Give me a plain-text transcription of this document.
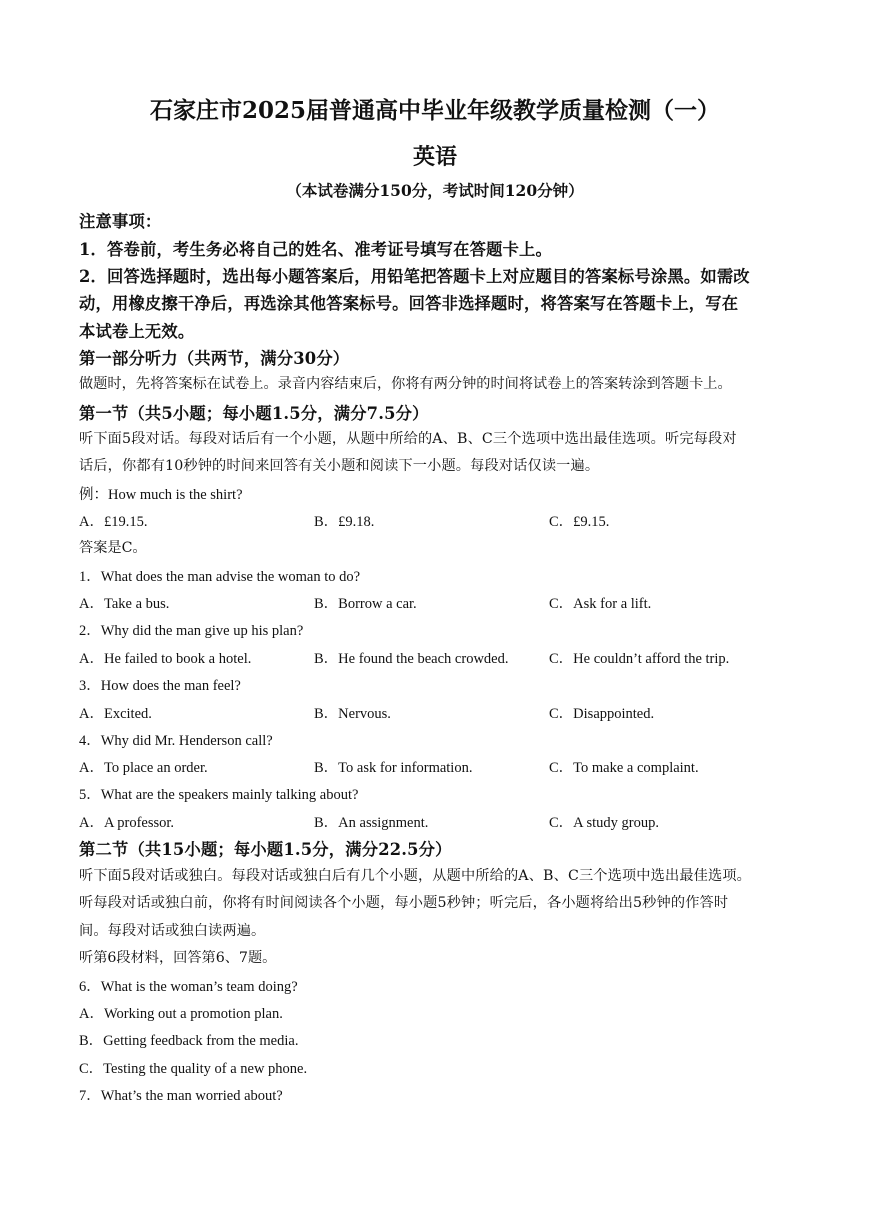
石家庄市2025届普通高中毕业年级教学质量检测（一）
英语
（本试卷满分150分，考试时间120分钟）
注意事项：
1．答卷前，考生务必将自己的姓名、准考证号填写在答题卡上。
2．回答选择题时，选出每小题答案后，用铅笔把答题卡上对应题目的答案标号涂黑。如需改
动，用橡皮擦干净后，再选涂其他答案标号。回答非选择题时，将答案写在答题卡上，写在
本试卷上无效。
第一部分听力（共两节，满分30分）
做题时，先将答案标在试卷上。录音内容结束后，你将有两分钟的时间将试卷上的答案转涂到答题卡上。
第一节（共5小题；每小题1.5分，满分7.5分）
听下面5段对话。每段对话后有一个小题，从题中所给的A、B、C三个选项中选出最佳选项。听完每段对
话后，你都有10秒钟的时间来回答有关小题和阅读下一小题。每段对话仅读一遍。
例：How much is the shirt?
A．£19.15.	B．£9.18.	C．£9.15.
答案是C。
1．What does the man advise the woman to do?
A．Take a bus.	B．Borrow a car.	C．Ask for a lift.
2．Why did the man give up his plan?
A．He failed to book a hotel.	B．He found the beach crowded.	C．He couldn’t afford the trip.
3．How does the man feel?
A．Excited.	B．Nervous.	C．Disappointed.
4．Why did Mr. Henderson call?
A．To place an order.	B．To ask for information.	C．To make a complaint.
5．What are the speakers mainly talking about?
A．A professor.	B．An assignment.	C．A study group.
第二节（共15小题；每小题1.5分，满分22.5分）
听下面5段对话或独白。每段对话或独白后有几个小题，从题中所给的A、B、C三个选项中选出最佳选项。
听每段对话或独白前，你将有时间阅读各个小题，每小题5秒钟；听完后，各小题将给出5秒钟的作答时
间。每段对话或独白读两遍。
听第6段材料，回答第6、7题。
6．What is the woman’s team doing?
A．Working out a promotion plan.
B．Getting feedback from the media.
C．Testing the quality of a new phone.
7．What’s the man worried about?
